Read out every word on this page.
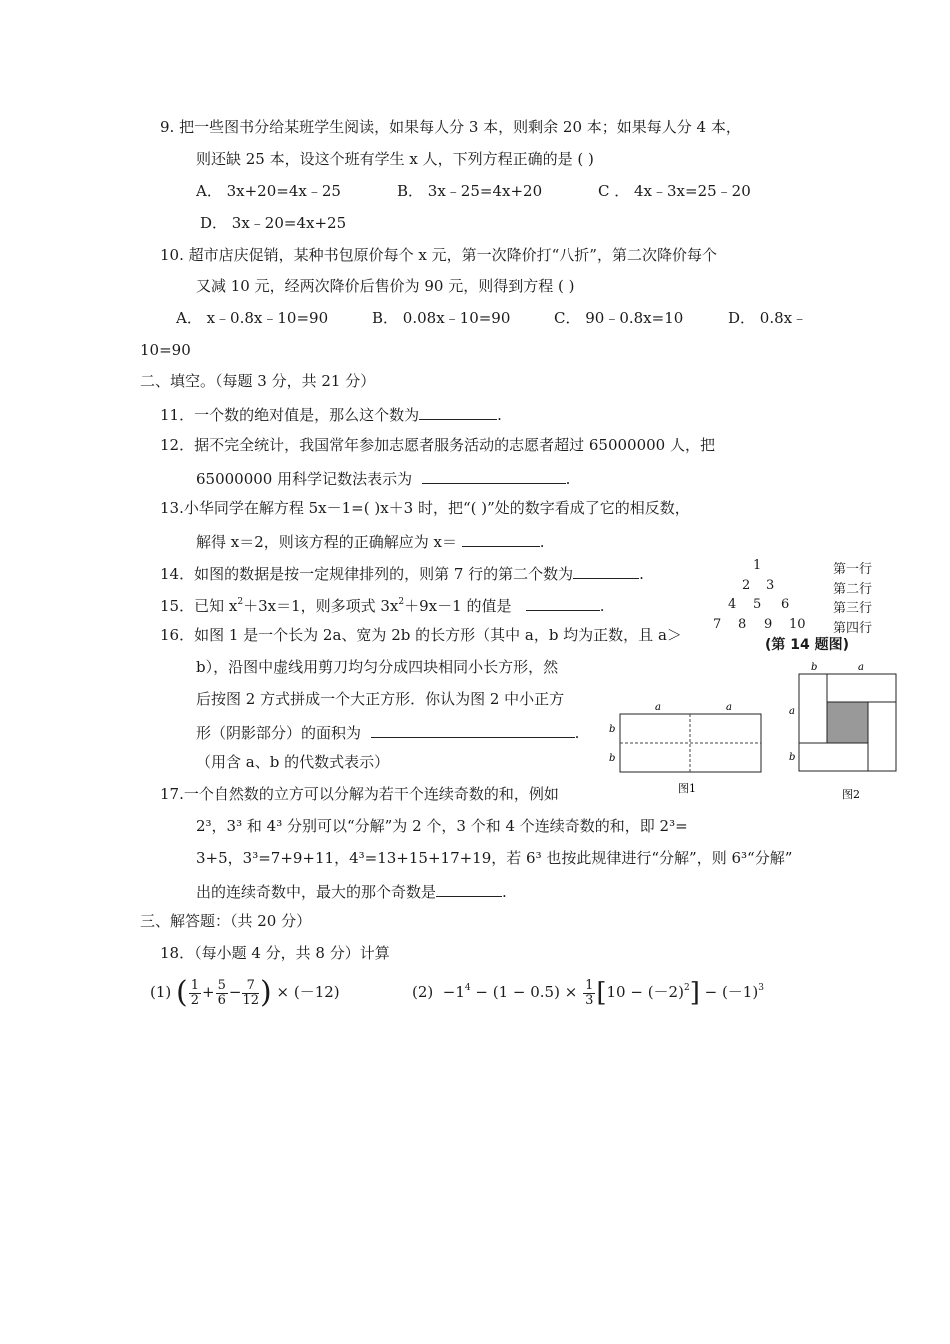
9. 把一些图书分给某班学生阅读，如果每人分 3 本，则剩余 20 本；如果每人分 4 本，
则还缺 25 本，设这个班有学生 x 人，下列方程正确的是 ( )
A． 3x+20=4x﹣25	B． 3x﹣25=4x+20	C ． 4x﹣3x=25﹣20
D． 3x﹣20=4x+25
10. 超市店庆促销，某种书包原价每个 x 元，第一次降价打“八折”，第二次降价每个
又减 10 元，经两次降价后售价为 90 元，则得到方程 ( )
A． x﹣0.8x﹣10=90	B． 0.08x﹣10=90	C． 90﹣0.8x=10	D． 0.8x﹣
10=90
二、填空。（每题 3 分，共 21 分）
11．一个数的绝对值是，那么这个数为	.
12．据不完全统计，我国常年参加志愿者服务活动的志愿者超过 65000000 人，把
65000000 用科学记数法表示为	.
13.小华同学在解方程 5x－1=( )x＋3 时，把“( )”处的数字看成了它的相反数，
解得 x＝2，则该方程的正确解应为 x＝	.
14．如图的数据是按一定规律排列的，则第 7 行的第二个数为	.
15．已知 $x^2+3x=1$，则多项式 $3x^2+9x-1$ 的值是	.
16．如图 1 是一个长为 2a、宽为 2b 的长方形（其中 a，b 均为正数，且 a＞
b），沿图中虚线用剪刀均匀分成四块相同小长方形，然
后按图 2 方式拼成一个大正方形．你认为图 2 中小正方
形（阴影部分）的面积为	.
（用含 a、b 的代数式表示）
17.一个自然数的立方可以分解为若干个连续奇数的和，例如
2³，3³ 和 4³ 分别可以“分解”为 2 个，3 个和 4 个连续奇数的和，即 2³=
3+5，3³=7+9+11，4³=13+15+17+19，若 6³ 也按此规律进行“分解”，则 6³“分解”
出的连续奇数中，最大的那个奇数是	.
三、解答题：（共 20 分）
18．（每小题 4 分，共 8 分）计算
(1) ( $\frac{1}{2} + \frac{5}{6} - \frac{7}{12}$ ) × (－12)	$(2) -1^4 - (1 - 0.5) \times \frac{1}{3} [10 - (-2)^2] - (-1)^3$
1
2 3
4 5 6
7 8 9 10
第一行
第二行
第三行
第四行
(第 14 题图)
a	a
b
b
图1
b	a
a
b
图2
